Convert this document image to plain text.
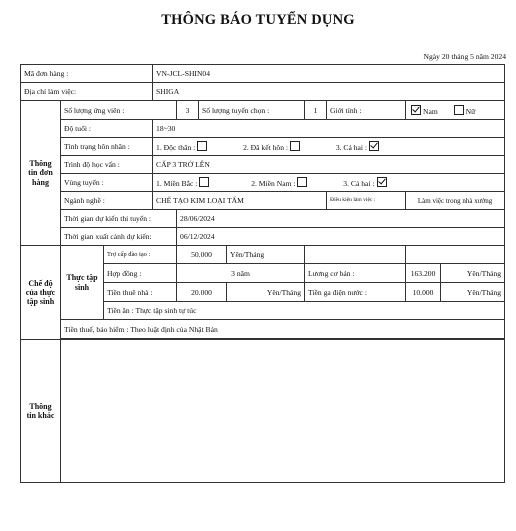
THÔNG BÁO TUYỂN DỤNG
Ngày 20 tháng 5 năm 2024
Mã đơn hàng :			VN-JCL-SHIN04							
Địa chỉ làm việc:			SHIGA							
Thông tin đơn hàng	Số lượng ứng viên :			3	Số lượng tuyển chọn :		1	Giới tính :	Nam Nữ	
	Độ tuổi :		18~30							
	Tình trạng hôn nhân :		1. Độc thân : 2. Đã kết hôn : 3. Cả hai :							
	Trình độ học vấn :		CẤP 3 TRỞ LÊN							
	Vùng tuyển :		1. Miền Bắc : 2. Miền Nam : 3. Cả hai :							
	Ngành nghề :		CHẾ TẠO KIM LOẠI TẤM					Điều kiện làm việc :	Làm việc trong nhà xưởng	
	Thời gian dự kiến thi tuyển :			28/06/2024						
	Thời gian xuất cảnh dự kiến:			06/12/2024						
Chế độ của thực tập sinh	Thực tập sinh	Trợ cấp đào tạo :		50.000		Yên/Tháng				
		Hợp đồng :		3 năm			Lương cơ bản :		163.200	Yên/Tháng
		Tiền thuê nhà :		20.000		Yên/Tháng	Tiền ga điện nước :		10.000	Yên/Tháng
		Tiền ăn : Thực tập sinh tự túc								
	Tiền thuế, bảo hiểm : Theo luật định của Nhật Bản									

Thông tin khác										
